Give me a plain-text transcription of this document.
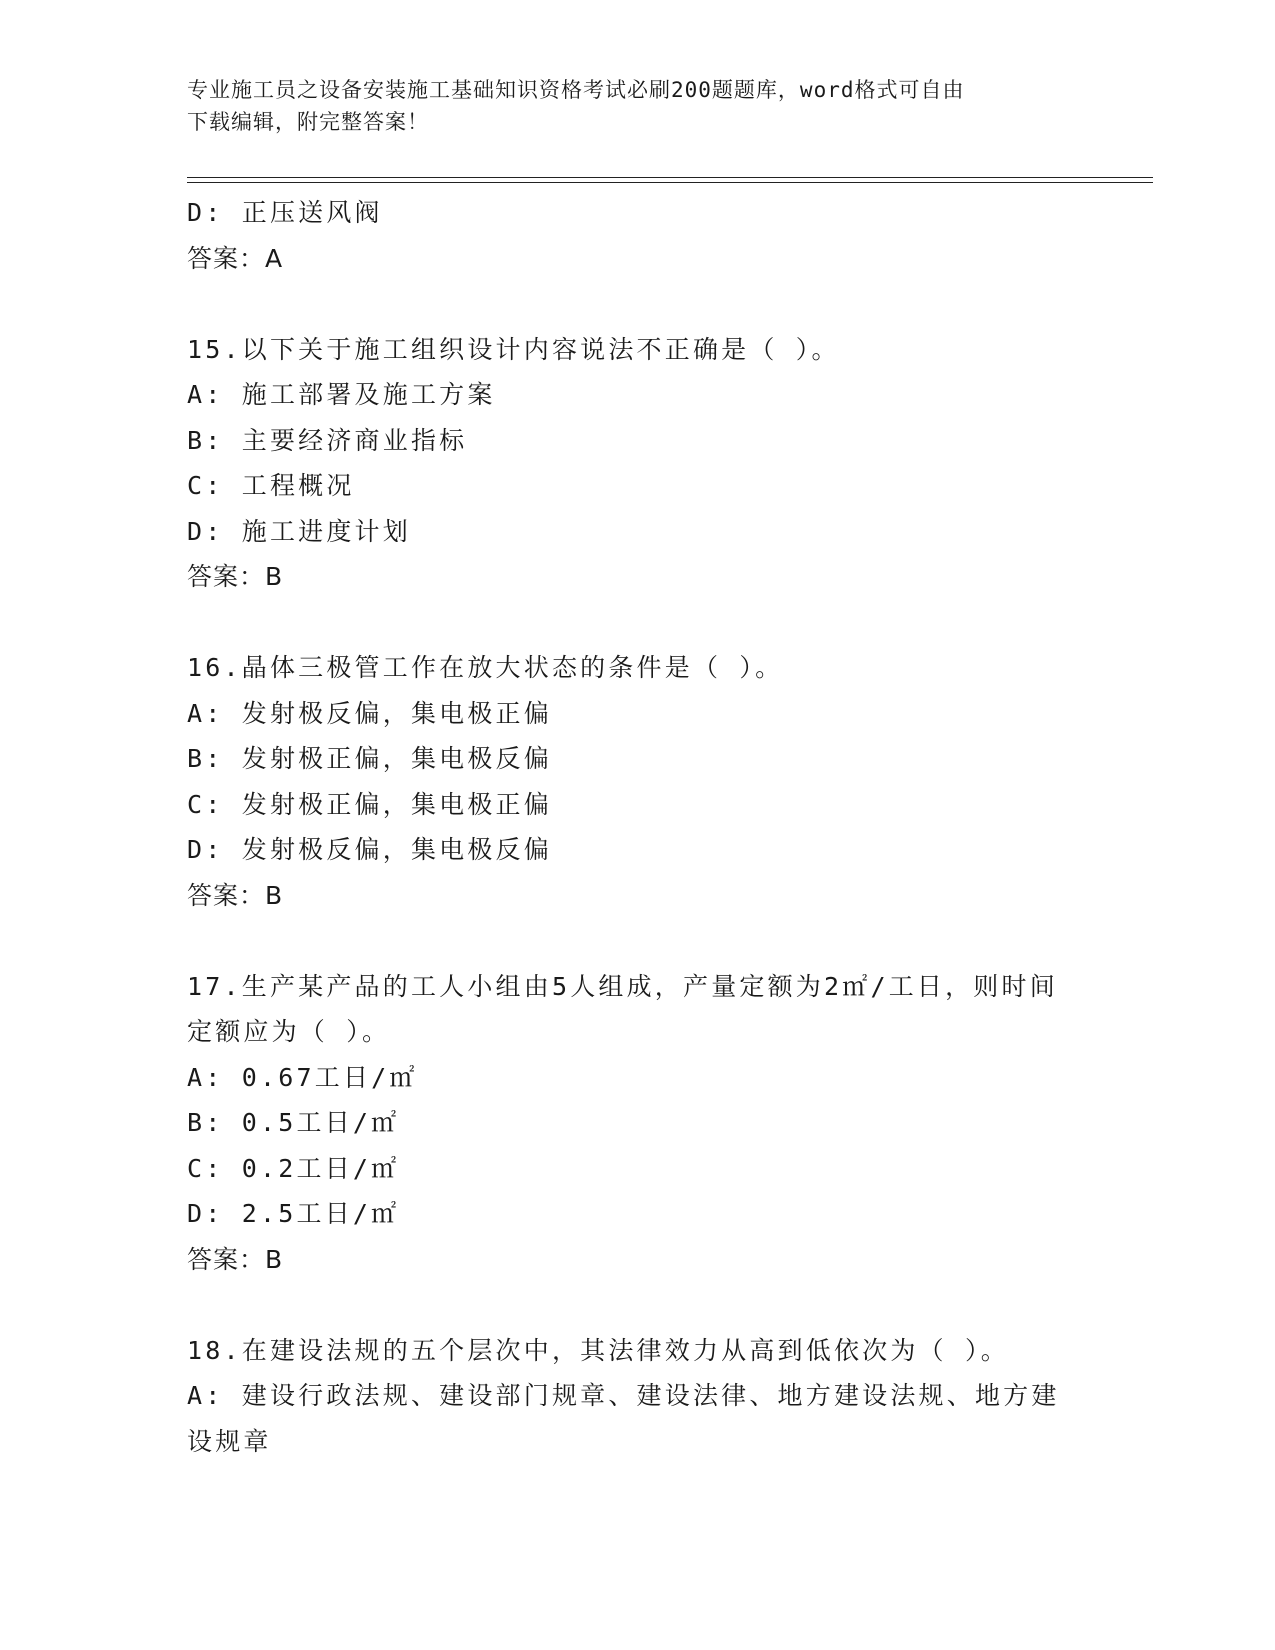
专业施工员之设备安装施工基础知识资格考试必刷200题题库，word格式可自由
下载编辑，附完整答案！
D: 正压送风阀
答案：A
15.以下关于施工组织设计内容说法不正确是（ ）。
A: 施工部署及施工方案
B: 主要经济商业指标
C: 工程概况
D: 施工进度计划
答案：B
16.晶体三极管工作在放大状态的条件是（ ）。
A: 发射极反偏，集电极正偏
B: 发射极正偏，集电极反偏
C: 发射极正偏，集电极正偏
D: 发射极反偏，集电极反偏
答案：B
17.生产某产品的工人小组由5人组成，产量定额为2㎡/工日，则时间
定额应为（ ）。
A: 0.67工日/㎡
B: 0.5工日/㎡
C: 0.2工日/㎡
D: 2.5工日/㎡
答案：B
18.在建设法规的五个层次中，其法律效力从高到低依次为（ ）。
A: 建设行政法规、建设部门规章、建设法律、地方建设法规、地方建
设规章
